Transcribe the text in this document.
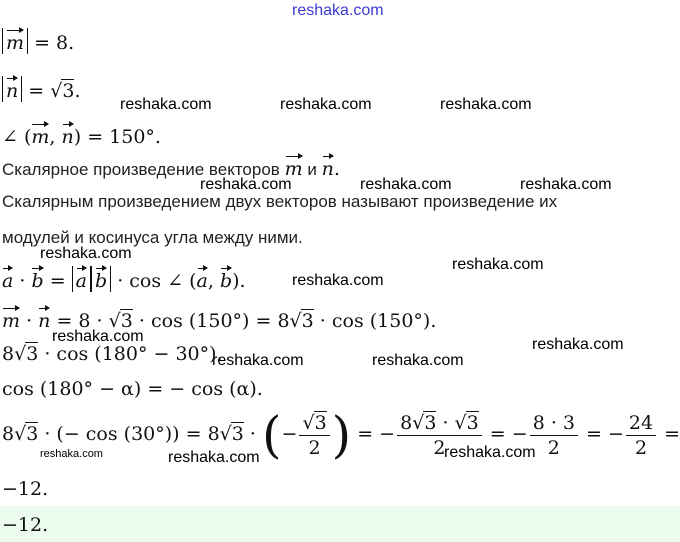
reshaka.com
reshaka.com	reshaka.com	reshaka.com
reshaka.com	reshaka.com	reshaka.com
reshaka.com
reshaka.com
reshaka.com
reshaka.com	reshaka.com
reshaka.com	reshaka.com
reshaka.com	reshaka.com	reshaka.com
m = 8.
n = √3.
∠ (m, n) = 150°.
Скалярное произведение векторов m и n.
Скалярным произведением двух векторов называют произведение их
модулей и косинуса угла между ними.
a · b = a b · cos ∠ (a, b).
m · n = 8 · √3 · cos (150°) = 8√3 · cos (150°).
8√3 · cos (180° − 30°).
cos (180° − α) = − cos (α).
8√3 · (− cos (30°)) = 8√3 · (− $\frac{√3}{2}$ ) = − $\frac{8√3 \cdot √3}{2}$ = − $\frac{8 \cdot 3}{2}$ = − $\frac{24}{2}$ =
−12.
−12.
